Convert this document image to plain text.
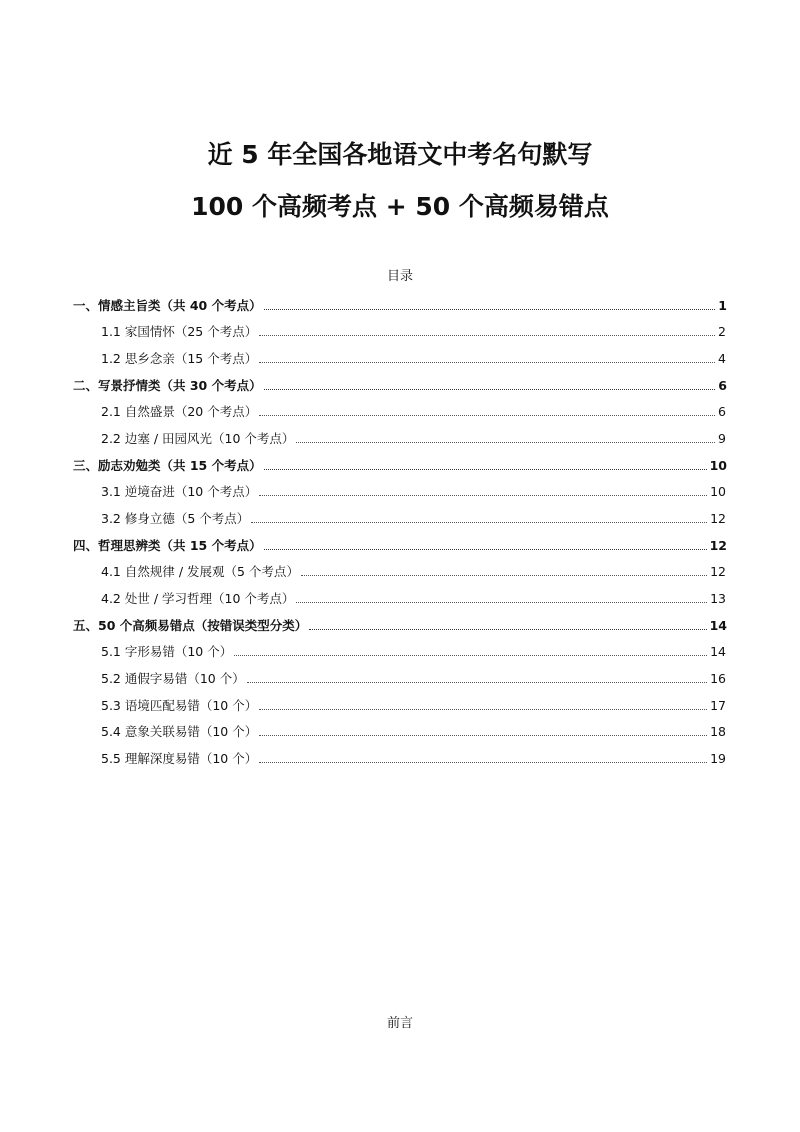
近 5 年全国各地语文中考名句默写
100 个高频考点 + 50 个高频易错点
目录
一、情感主旨类（共 40 个考点）	1
1.1 家国情怀（25 个考点）	2
1.2 思乡念亲（15 个考点）	4
二、写景抒情类（共 30 个考点）	6
2.1 自然盛景（20 个考点）	6
2.2 边塞 / 田园风光（10 个考点）	9
三、励志劝勉类（共 15 个考点）	10
3.1 逆境奋进（10 个考点）	10
3.2 修身立德（5 个考点）	12
四、哲理思辨类（共 15 个考点）	12
4.1 自然规律 / 发展观（5 个考点）	12
4.2 处世 / 学习哲理（10 个考点）	13
五、50 个高频易错点（按错误类型分类）	14
5.1 字形易错（10 个）	14
5.2 通假字易错（10 个）	16
5.3 语境匹配易错（10 个）	17
5.4 意象关联易错（10 个）	18
5.5 理解深度易错（10 个）	19
前言
